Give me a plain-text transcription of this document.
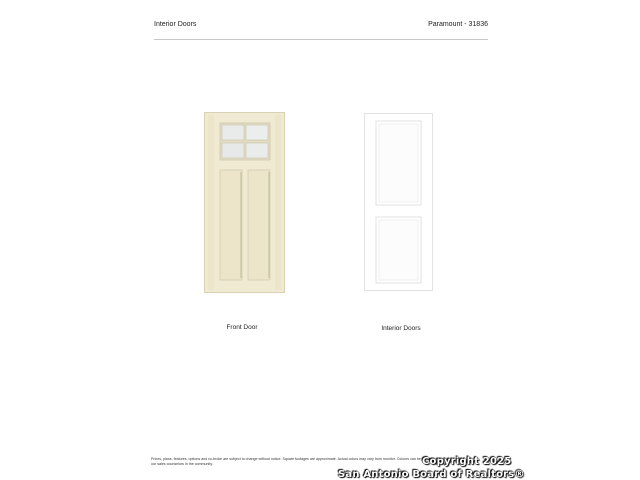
Interior Doors	Paramount - 31836
Front Door	Interior Doors
Prices, plans, features, options and co-broke are subject to change without notice. Square footages are approximate. Actual colors may vary from monitor. Colours can be verified by visiting our sales counselors in the community.	Copyright 2025
San Antonio Board of Realtors®
